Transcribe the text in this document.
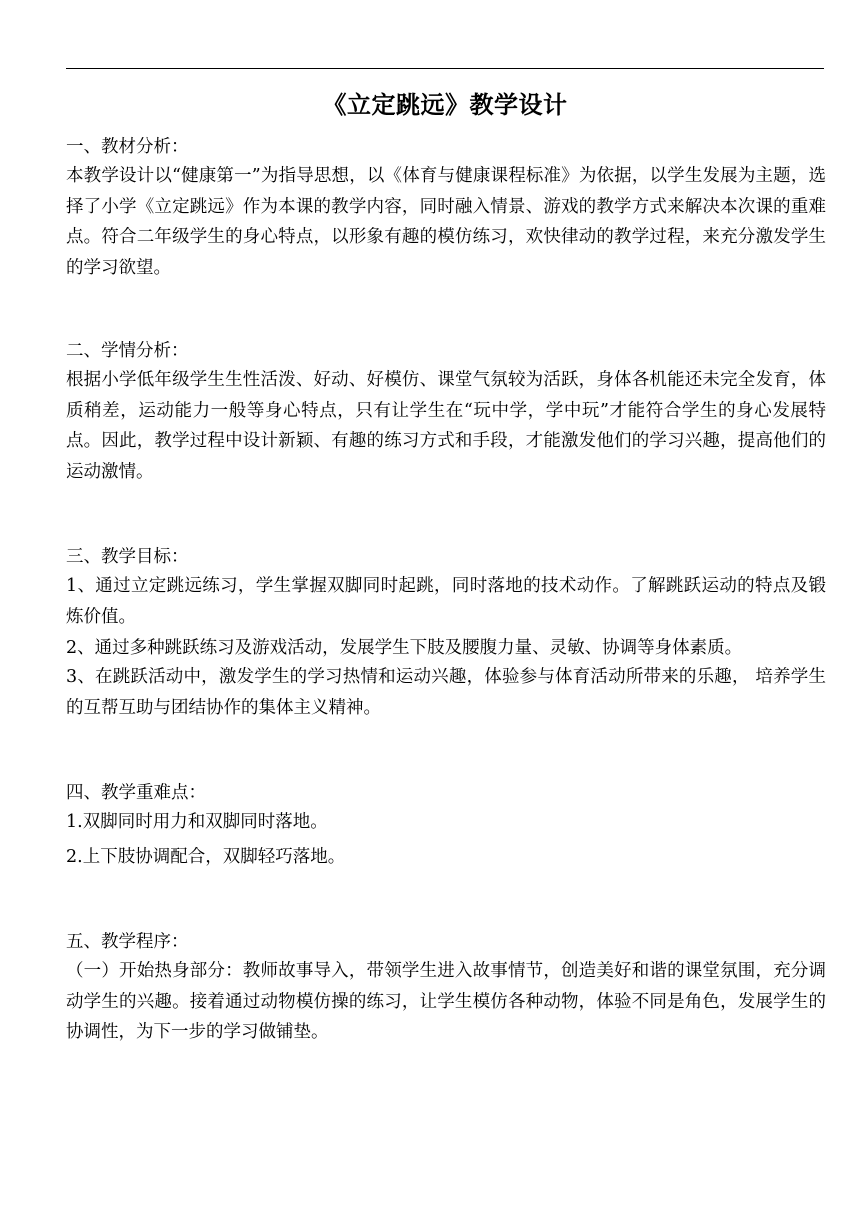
《立定跳远》教学设计

一、教材分析：

本教学设计以“健康第一”为指导思想，以《体育与健康课程标准》为依据，以学生发展为主题，选择了小学《立定跳远》作为本课的教学内容，同时融入情景、游戏的教学方式来解决本次课的重难点。符合二年级学生的身心特点，以形象有趣的模仿练习，欢快律动的教学过程，来充分激发学生的学习欲望。

二、学情分析：

根据小学低年级学生生性活泼、好动、好模仿、课堂气氛较为活跃，身体各机能还未完全发育，体质稍差，运动能力一般等身心特点，只有让学生在“玩中学，学中玩”才能符合学生的身心发展特点。因此，教学过程中设计新颖、有趣的练习方式和手段，才能激发他们的学习兴趣，提高他们的运动激情。

三、教学目标：

1、通过立定跳远练习，学生掌握双脚同时起跳，同时落地的技术动作。了解跳跃运动的特点及锻炼价值。

2、通过多种跳跃练习及游戏活动，发展学生下肢及腰腹力量、灵敏、协调等身体素质。

3、在跳跃活动中，激发学生的学习热情和运动兴趣，体验参与体育活动所带来的乐趣， 培养学生的互帮互助与团结协作的集体主义精神。

四、教学重难点：

1.双脚同时用力和双脚同时落地。

2.上下肢协调配合，双脚轻巧落地。

五、教学程序：

（一）开始热身部分：教师故事导入，带领学生进入故事情节，创造美好和谐的课堂氛围，充分调动学生的兴趣。接着通过动物模仿操的练习，让学生模仿各种动物，体验不同是角色，发展学生的协调性，为下一步的学习做铺垫。
